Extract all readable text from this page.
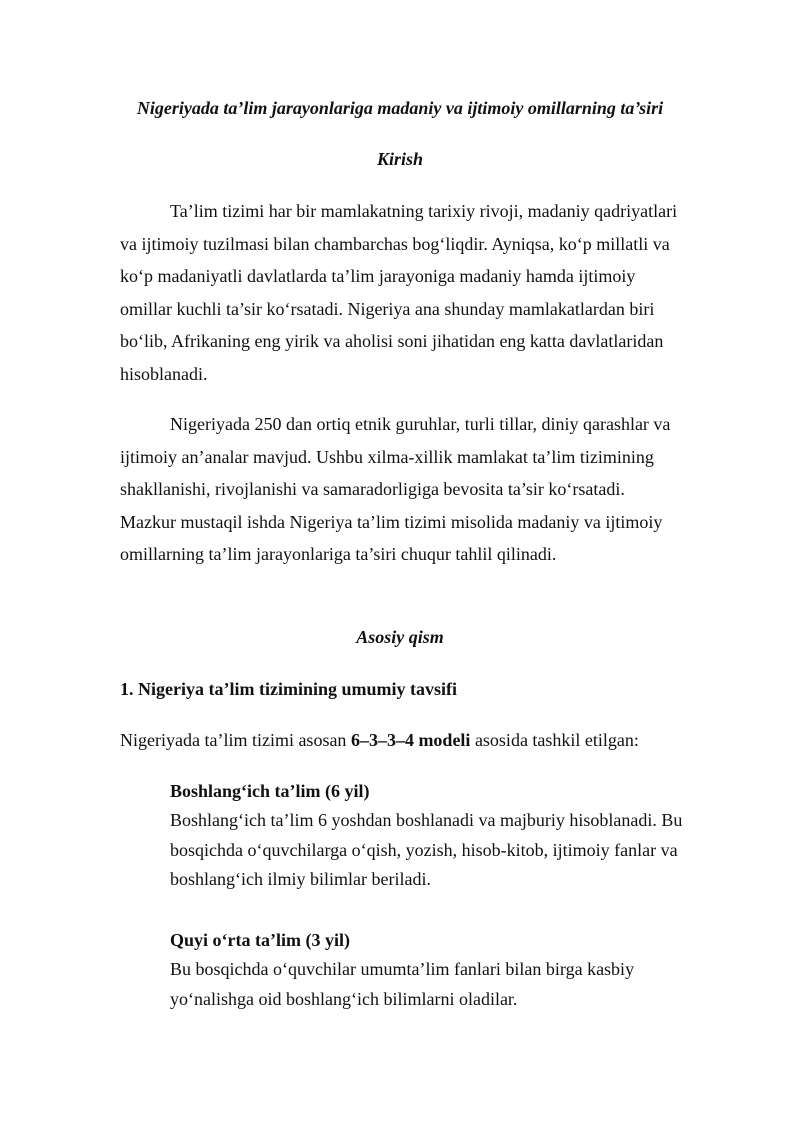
Nigeriyada ta’lim jarayonlariga madaniy va ijtimoiy omillarning ta’siri
Kirish

Ta’lim tizimi har bir mamlakatning tarixiy rivoji, madaniy qadriyatlari va ijtimoiy tuzilmasi bilan chambarchas bog‘liqdir. Ayniqsa, ko‘p millatli va ko‘p madaniyatli davlatlarda ta’lim jarayoniga madaniy hamda ijtimoiy omillar kuchli ta’sir ko‘rsatadi. Nigeriya ana shunday mamlakatlardan biri bo‘lib, Afrikaning eng yirik va aholisi soni jihatidan eng katta davlatlaridan hisoblanadi.

Nigeriyada 250 dan ortiq etnik guruhlar, turli tillar, diniy qarashlar va ijtimoiy an’analar mavjud. Ushbu xilma-xillik mamlakat ta’lim tizimining shakllanishi, rivojlanishi va samaradorligiga bevosita ta’sir ko‘rsatadi. Mazkur mustaqil ishda Nigeriya ta’lim tizimi misolida madaniy va ijtimoiy omillarning ta’lim jarayonlariga ta’siri chuqur tahlil qilinadi.

Asosiy qism
1. Nigeriya ta’lim tizimining umumiy tavsifi

Nigeriyada ta’lim tizimi asosan 6–3–3–4 modeli asosida tashkil etilgan:

Boshlang‘ich ta’lim (6 yil)

Boshlang‘ich ta’lim 6 yoshdan boshlanadi va majburiy hisoblanadi. Bu bosqichda o‘quvchilarga o‘qish, yozish, hisob-kitob, ijtimoiy fanlar va boshlang‘ich ilmiy bilimlar beriladi.

Quyi o‘rta ta’lim (3 yil)

Bu bosqichda o‘quvchilar umumta’lim fanlari bilan birga kasbiy yo‘nalishga oid boshlang‘ich bilimlarni oladilar.
